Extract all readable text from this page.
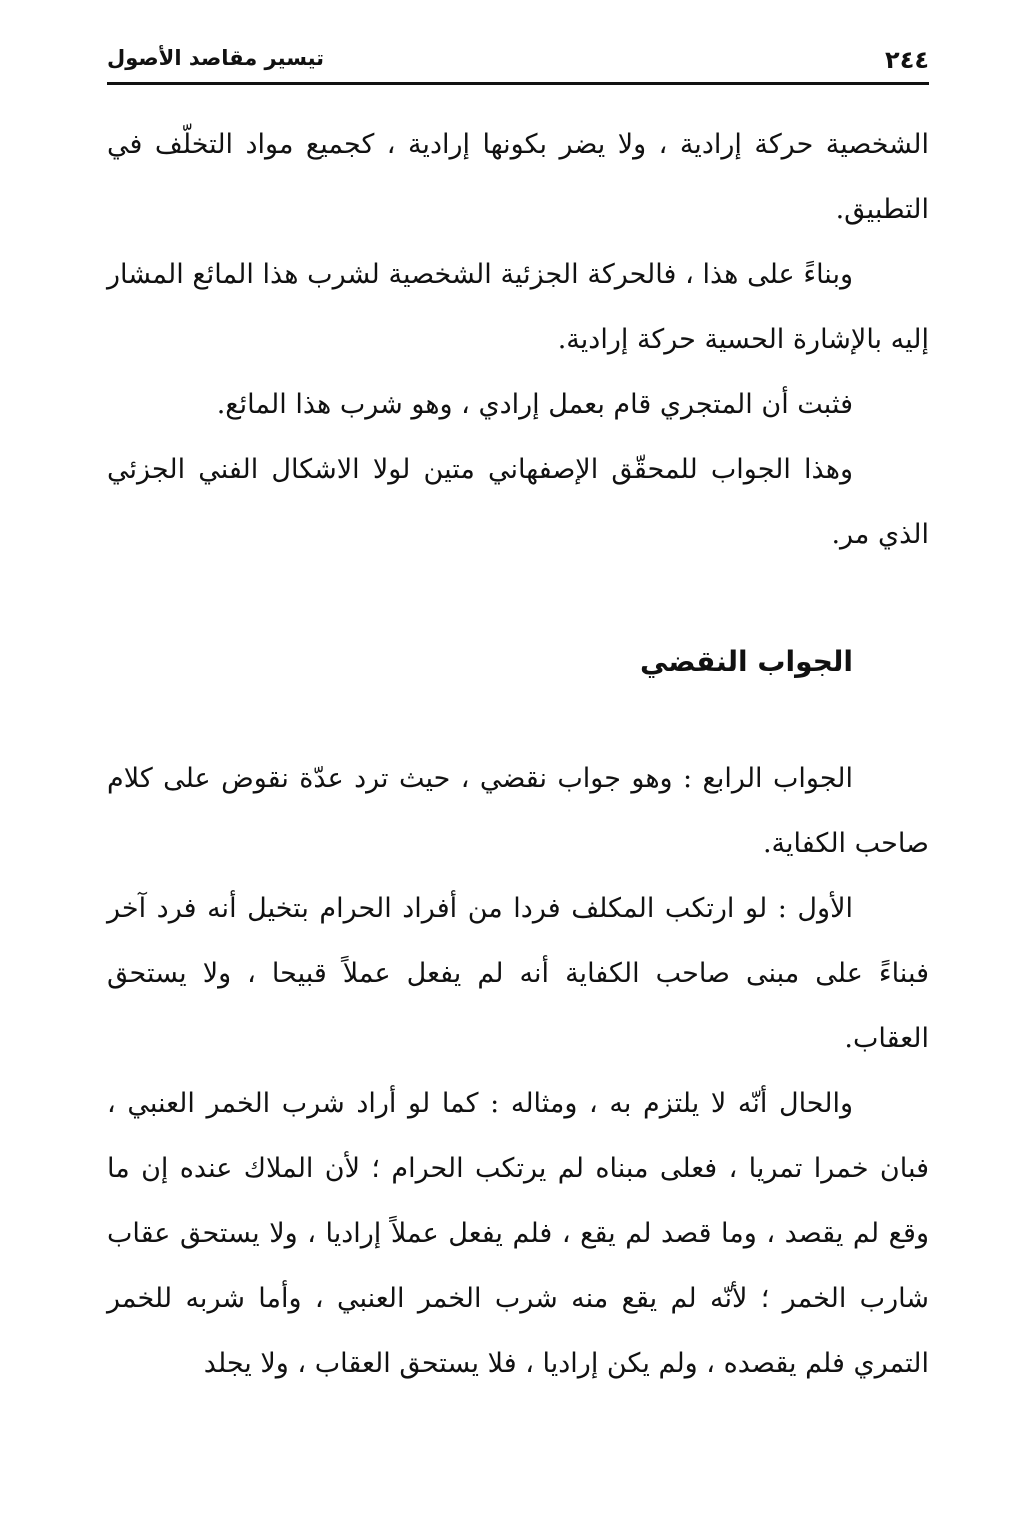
٢٤٤
تيسير مقاصد الأصول

الشخصية حركة إرادية ، ولا يضر بكونها إرادية ، كجميع مواد التخلّف في التطبيق.

وبناءً على هذا ، فالحركة الجزئية الشخصية لشرب هذا المائع المشار إليه بالإشارة الحسية حركة إرادية.

فثبت أن المتجري قام بعمل إرادي ، وهو شرب هذا المائع.

وهذا الجواب للمحقّق الإصفهاني متين لولا الاشكال الفني الجزئي الذي مر.

الجواب النقضي

الجواب الرابع : وهو جواب نقضي ، حيث ترد عدّة نقوض على كلام صاحب الكفاية.

الأول : لو ارتكب المكلف فردا من أفراد الحرام بتخيل أنه فرد آخر فبناءً على مبنى صاحب الكفاية أنه لم يفعل عملاً قبيحا ، ولا يستحق العقاب.

والحال أنّه لا يلتزم به ، ومثاله : كما لو أراد شرب الخمر العنبي ، فبان خمرا تمريا ، فعلى مبناه لم يرتكب الحرام ؛ لأن الملاك عنده إن ما وقع لم يقصد ، وما قصد لم يقع ، فلم يفعل عملاً إراديا ، ولا يستحق عقاب شارب الخمر ؛ لأنّه لم يقع منه شرب الخمر العنبي ، وأما شربه للخمر التمري فلم يقصده ، ولم يكن إراديا ، فلا يستحق العقاب ، ولا يجلد
